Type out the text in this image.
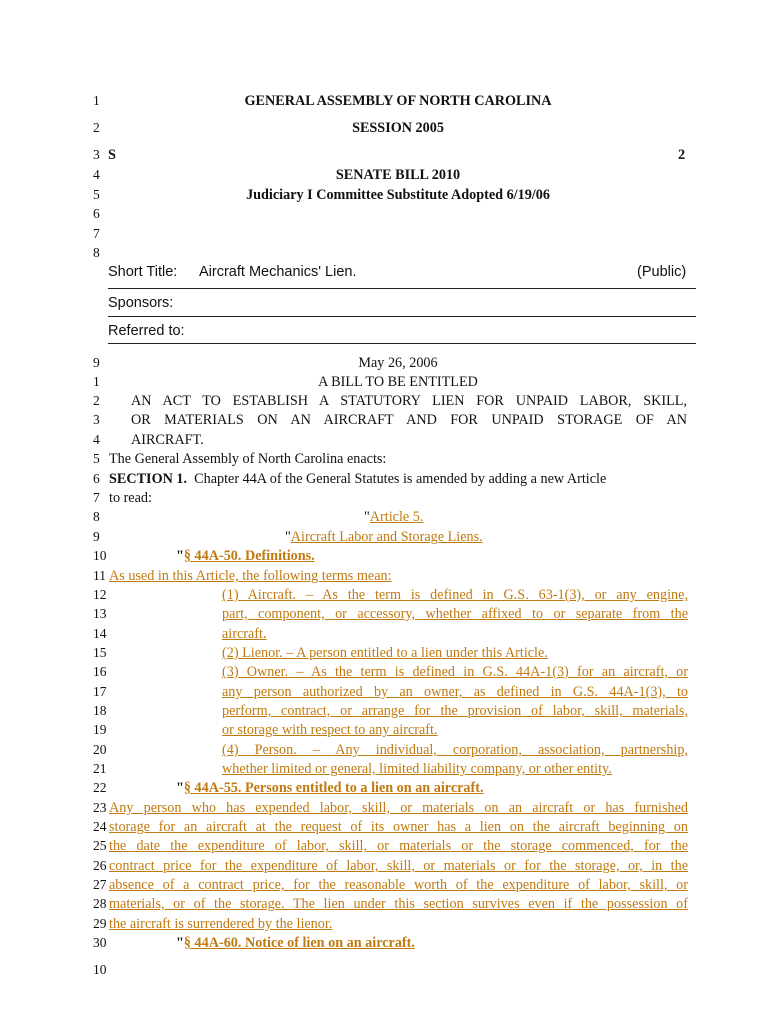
1	GENERAL ASSEMBLY OF NORTH CAROLINA
2	SESSION 2005
3 S	2
4	SENATE BILL 2010
5	Judiciary I Committee Substitute Adopted 6/19/06
6
7
8
Short Title: Aircraft Mechanics' Lien.	(Public)
Sponsors:
Referred to:
9	May 26, 2006
1	A BILL TO BE ENTITLED
2	AN ACT TO ESTABLISH A STATUTORY LIEN FOR UNPAID LABOR, SKILL,
3	OR MATERIALS ON AN AIRCRAFT AND FOR UNPAID STORAGE OF AN
4	AIRCRAFT.
5 The General Assembly of North Carolina enacts:
6 SECTION 1. Chapter 44A of the General Statutes is amended by adding a new Article
7 to read:
8	"Article 5.
9	"Aircraft Labor and Storage Liens.
10	"§ 44A-50. Definitions.
11 As used in this Article, the following terms mean:
12	(1) Aircraft. – As the term is defined in G.S. 63-1(3), or any engine,
13	part, component, or accessory, whether affixed to or separate from the
14	aircraft.
15	(2) Lienor. – A person entitled to a lien under this Article.
16	(3) Owner. – As the term is defined in G.S. 44A-1(3) for an aircraft, or
17	any person authorized by an owner, as defined in G.S. 44A-1(3), to
18	perform, contract, or arrange for the provision of labor, skill, materials,
19	or storage with respect to any aircraft.
20	(4) Person. – Any individual, corporation, association, partnership,
21	whether limited or general, limited liability company, or other entity.
22	"§ 44A-55. Persons entitled to a lien on an aircraft.
23 Any person who has expended labor, skill, or materials on an aircraft or has furnished
24 storage for an aircraft at the request of its owner has a lien on the aircraft beginning on
25 the date the expenditure of labor, skill, or materials or the storage commenced, for the
26 contract price for the expenditure of labor, skill, or materials or for the storage, or, in the
27 absence of a contract price, for the reasonable worth of the expenditure of labor, skill, or
28 materials, or of the storage. The lien under this section survives even if the possession of
29 the aircraft is surrendered by the lienor.
30	"§ 44A-60. Notice of lien on an aircraft.
10
